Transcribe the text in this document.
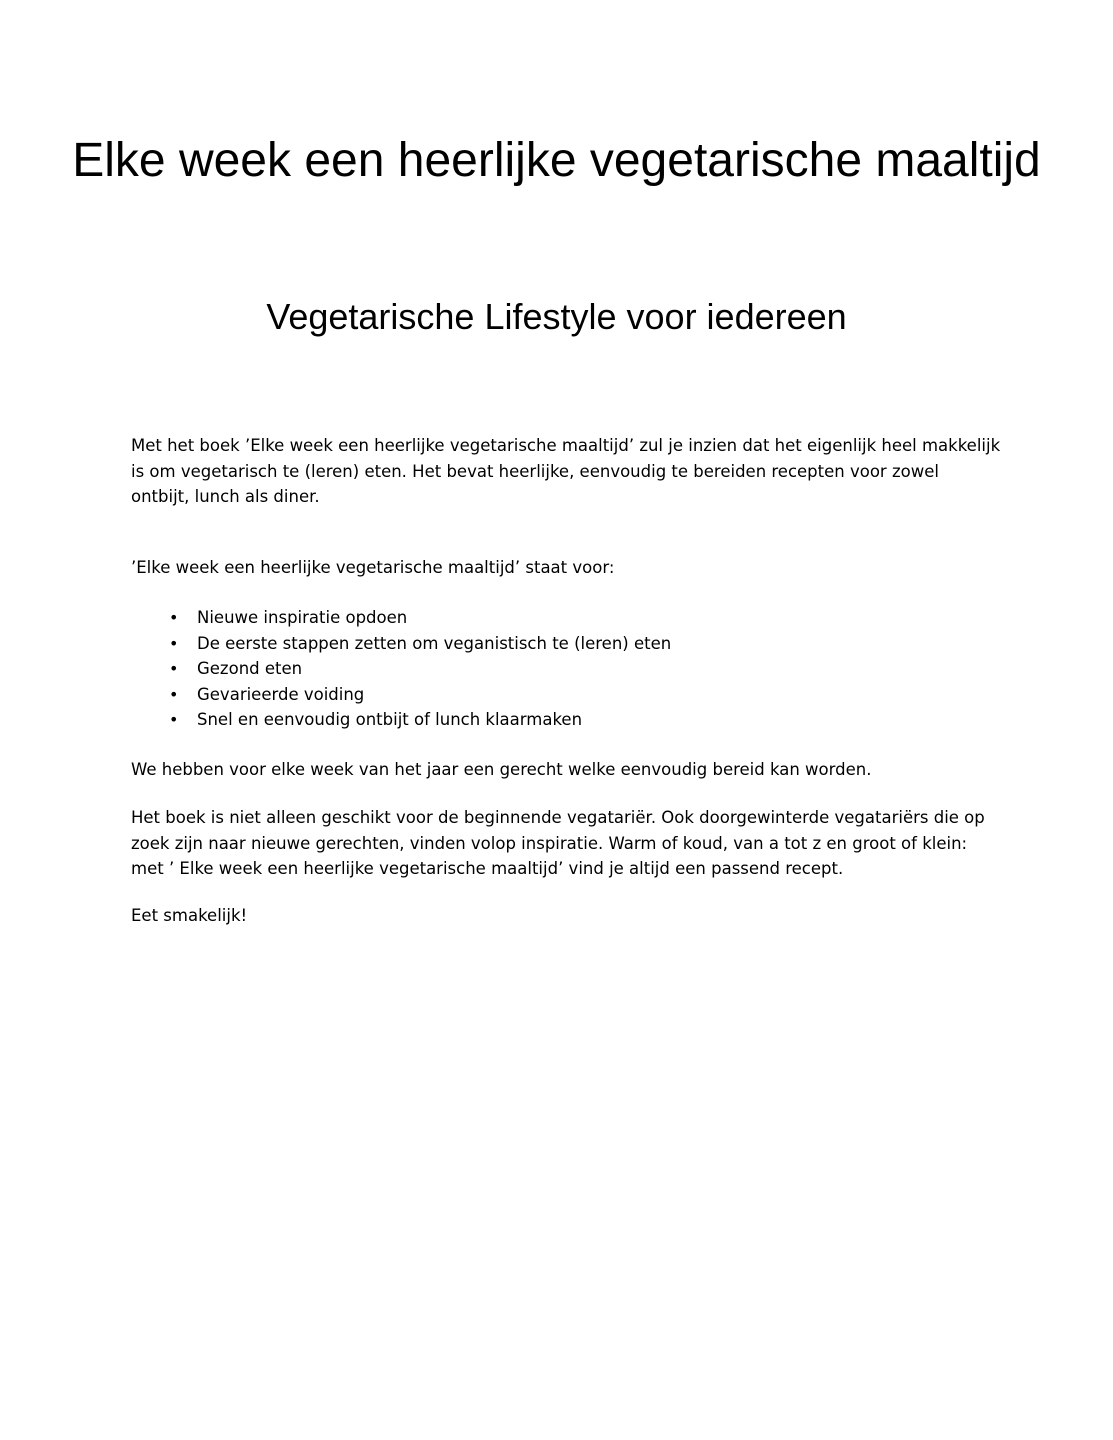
Elke week een heerlijke vegetarische maaltijd
Vegetarische Lifestyle voor iedereen

Met het boek ’Elke week een heerlijke vegetarische maaltijd’ zul je inzien dat het eigenlijk heel makkelijk is om vegetarisch te (leren) eten. Het bevat heerlijke, eenvoudig te bereiden recepten voor zowel ontbijt, lunch als diner.

’Elke week een heerlijke vegetarische maaltijd’ staat voor:

• Nieuwe inspiratie opdoen
• De eerste stappen zetten om veganistisch te (leren) eten
• Gezond eten
• Gevarieerde voiding
• Snel en eenvoudig ontbijt of lunch klaarmaken

We hebben voor elke week van het jaar een gerecht welke eenvoudig bereid kan worden.

Het boek is niet alleen geschikt voor de beginnende vegatariër. Ook doorgewinterde vegatariërs die op zoek zijn naar nieuwe gerechten, vinden volop inspiratie. Warm of koud, van a tot z en groot of klein: met ’ Elke week een heerlijke vegetarische maaltijd’ vind je altijd een passend recept.

Eet smakelijk!
